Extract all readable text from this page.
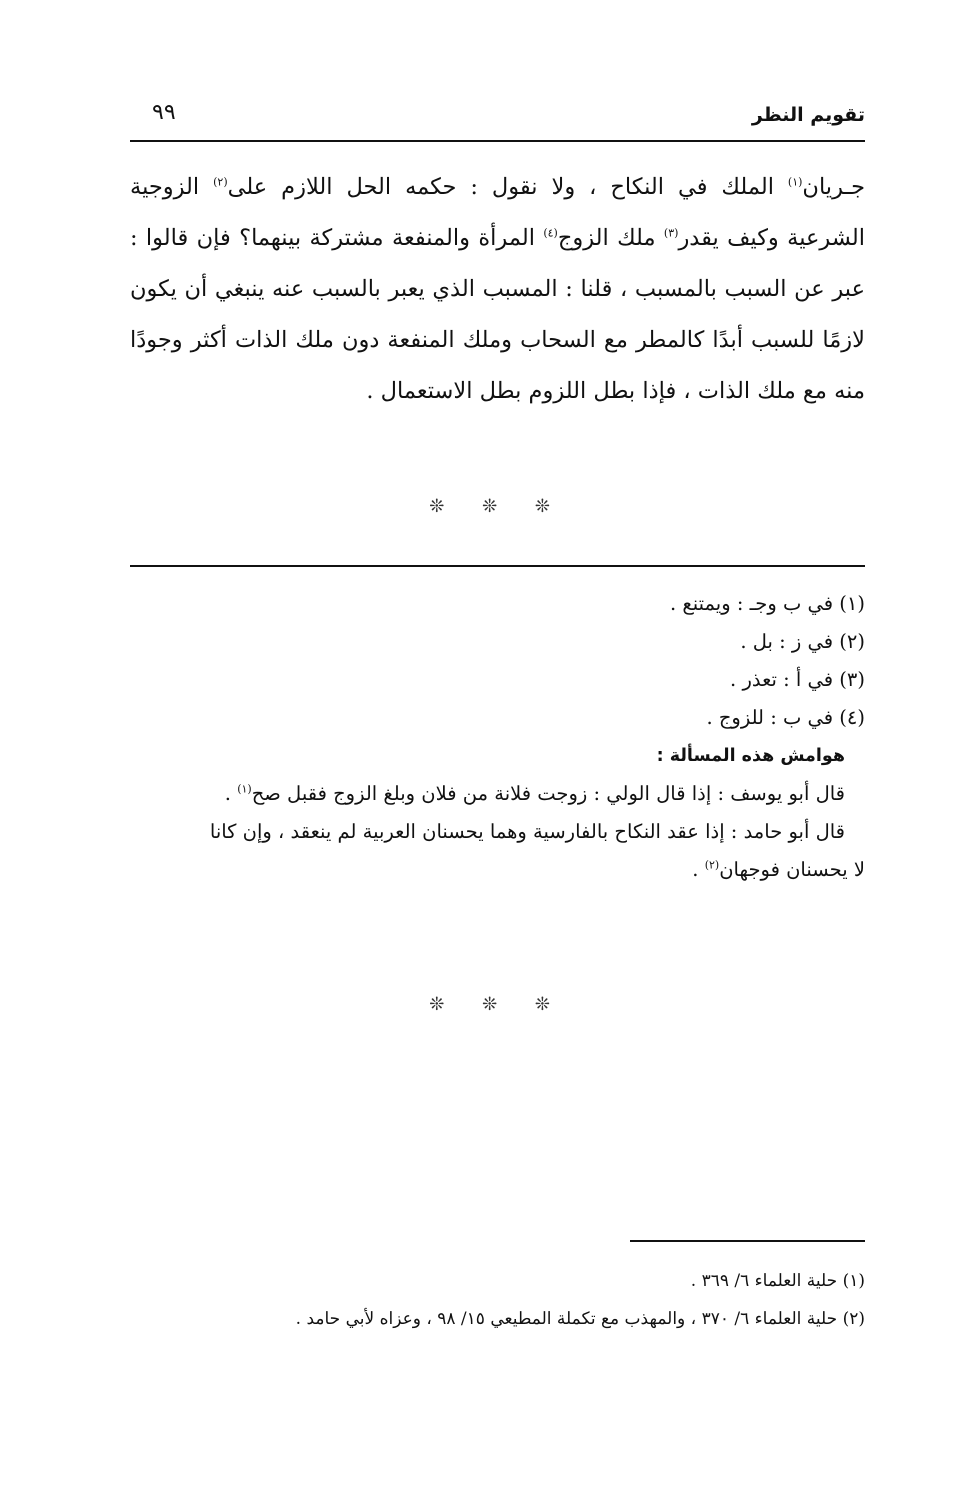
تقويم النظر
٩٩

جـريان$^{(١)}$ الملك في النكاح ، ولا نقول : حكمه الحل اللازم على$^{(٢)}$ الزوجية الشرعية وكيف يقدر$^{(٣)}$ ملك الزوج$^{(٤)}$ المرأة والمنفعة مشتركة بينهما؟ فإن قالوا : عبر عن السبب بالمسبب ، قلنا : المسبب الذي يعبر بالسبب عنه ينبغي أن يكون لازمًا للسبب أبدًا كالمطر مع السحاب وملك المنفعة دون ملك الذات أكثر وجودًا منه مع ملك الذات ، فإذا بطل اللزوم بطل الاستعمال .

❊ ❊ ❊

(١) في ب وجـ : ويمتنع .

(٢) في ز : بل .

(٣) في أ : تعذر .

(٤) في ب : للزوج .

هوامش هذه المسألة :

قال أبو يوسف : إذا قال الولي : زوجت فلانة من فلان وبلغ الزوج فقبل صح$^{(١)}$ .

قال أبو حامد : إذا عقد النكاح بالفارسية وهما يحسنان العربية لم ينعقد ، وإن كانا

لا يحسنان فوجهان$^{(٢)}$ .

❊ ❊ ❊

(١) حلية العلماء ٦/ ٣٦٩ .

(٢) حلية العلماء ٦/ ٣٧٠ ، والمهذب مع تكملة المطيعي ١٥/ ٩٨ ، وعزاه لأبي حامد .
